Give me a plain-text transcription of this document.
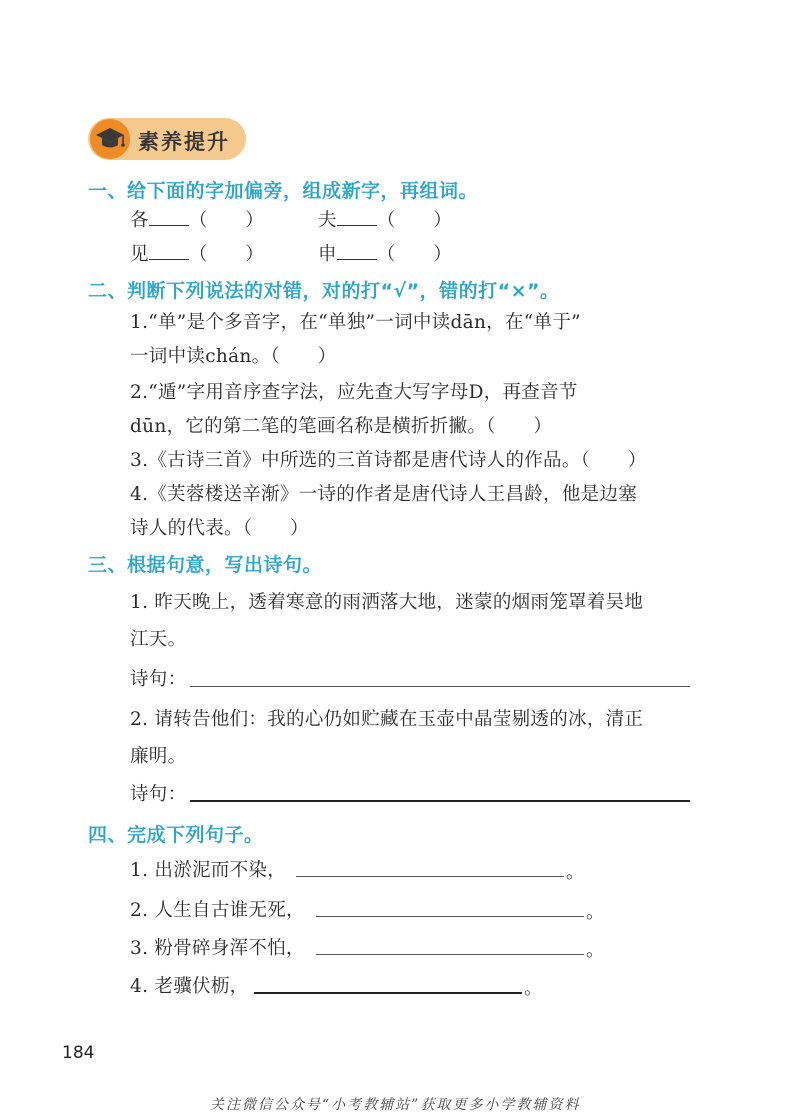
素养提升
一、给下面的字加偏旁，组成新字，再组词。
各 （　　）	夫 （　　）
见 （　　）	申 （　　）
二、判断下列说法的对错，对的打“√”，错的打“×”。
1.“单”是个多音字，在“单独”一词中读dān，在“单于”
一词中读chán。（　　）
2.“遁”字用音序查字法，应先查大写字母D，再查音节
dūn，它的第二笔的笔画名称是横折折撇。（　　）
3.《古诗三首》中所选的三首诗都是唐代诗人的作品。（　　）
4.《芙蓉楼送辛渐》一诗的作者是唐代诗人王昌龄，他是边塞
诗人的代表。（　　）
三、根据句意，写出诗句。
1. 昨天晚上，透着寒意的雨洒落大地，迷蒙的烟雨笼罩着吴地
江天。
诗句：
2. 请转告他们：我的心仍如贮藏在玉壶中晶莹剔透的冰，清正
廉明。
诗句：
四、完成下列句子。
1. 出淤泥而不染，	。
2. 人生自古谁无死，	。
3. 粉骨碎身浑不怕，	。
4. 老骥伏枥，	。
184
关注微信公众号“小考教辅站”获取更多小学教辅资料
